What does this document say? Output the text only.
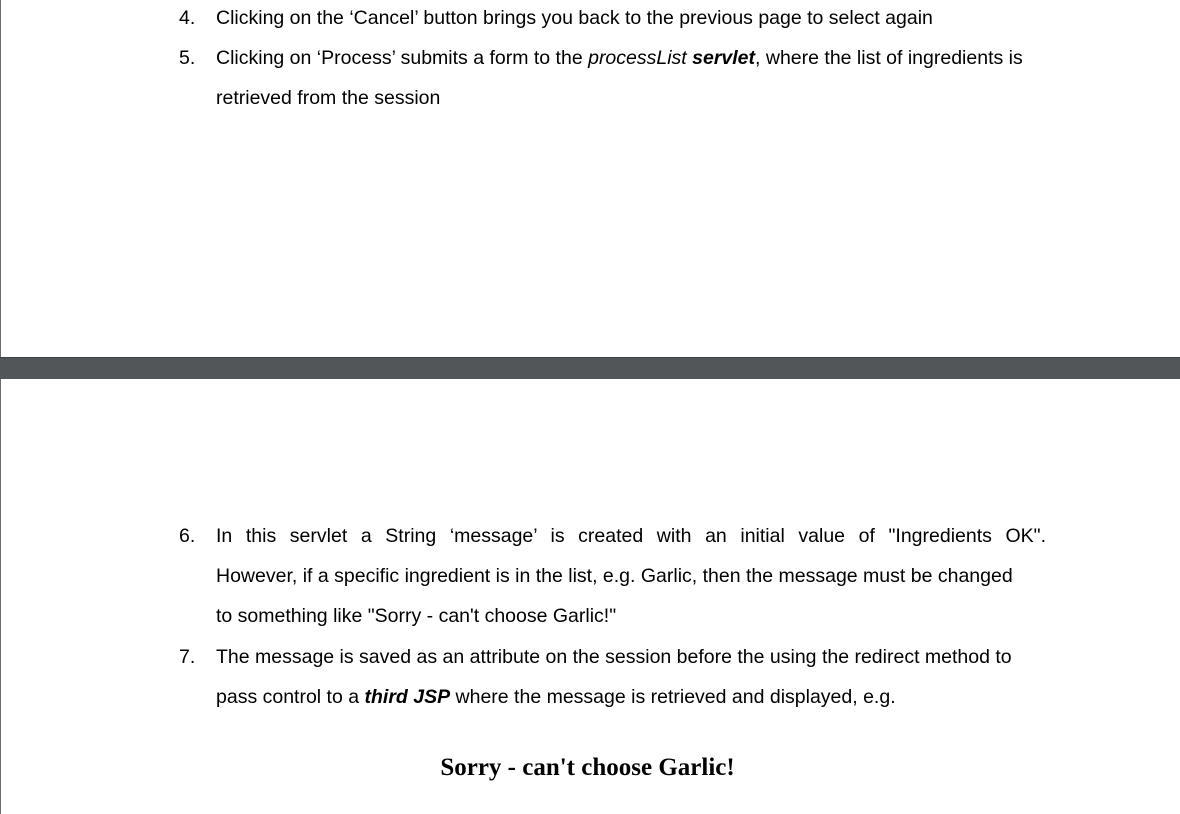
4.	Clicking on the ‘Cancel’ button brings you back to the previous page to select again
5.	Clicking on ‘Process’ submits a form to the processList servlet, where the list of ingredients is
retrieved from the session
6.	In this servlet a String ‘message’ is created with an initial value of "Ingredients OK".
However, if a specific ingredient is in the list, e.g. Garlic, then the message must be changed
to something like "Sorry - can't choose Garlic!"
7.	The message is saved as an attribute on the session before the using the redirect method to
pass control to a third JSP where the message is retrieved and displayed, e.g.
Sorry - can't choose Garlic!
